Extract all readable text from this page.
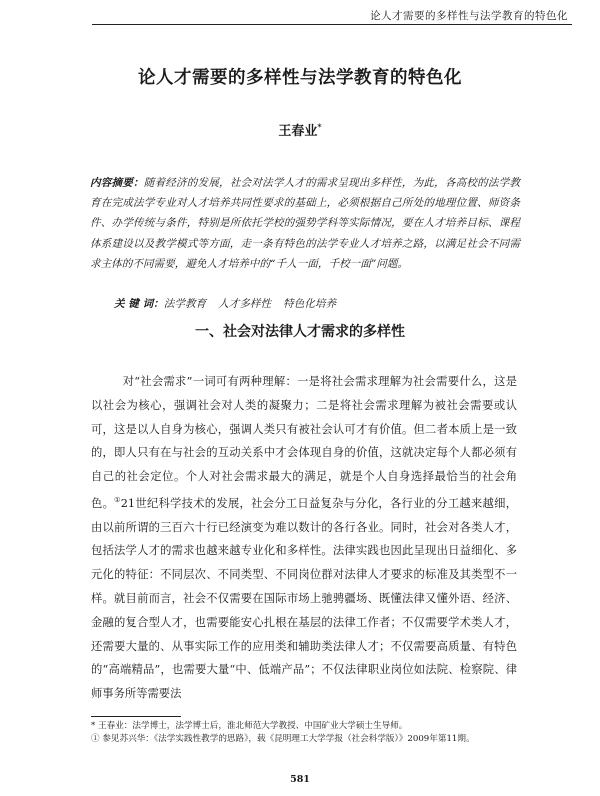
论人才需要的多样性与法学教育的特色化
论人才需要的多样性与法学教育的特色化
王春业*
内容摘要：随着经济的发展，社会对法学人才的需求呈现出多样性，为此，各高校的法学教育在完成法学专业对人才培养共同性要求的基础上，必须根据自己所处的地理位置、师资条件、办学传统与条件，特别是所依托学校的强势学科等实际情况，要在人才培养目标、课程体系建设以及教学模式等方面，走一条有特色的法学专业人才培养之路，以满足社会不同需求主体的不同需要，避免人才培养中的“千人一面，千校一面”问题。
关 键 词：法学教育 人才多样性 特色化培养
一、社会对法律人才需求的多样性

对“社会需求”一词可有两种理解：一是将社会需求理解为社会需要什么，这是以社会为核心，强调社会对人类的凝聚力；二是将社会需求理解为被社会需要或认可，这是以人自身为核心，强调人类只有被社会认可才有价值。但二者本质上是一致的，即人只有在与社会的互动关系中才会体现自身的价值，这就决定每个人都必须有自己的社会定位。个人对社会需求最大的满足，就是个人自身选择最恰当的社会角色。①21世纪科学技术的发展，社会分工日益复杂与分化，各行业的分工越来越细，由以前所谓的三百六十行已经演变为难以数计的各行各业。同时，社会对各类人才，包括法学人才的需求也越来越专业化和多样性。法律实践也因此呈现出日益细化、多元化的特征：不同层次、不同类型、不同岗位群对法律人才要求的标准及其类型不一样。就目前而言，社会不仅需要在国际市场上驰骋疆场、既懂法律又懂外语、经济、金融的复合型人才，也需要能安心扎根在基层的法律工作者；不仅需要学术类人才，还需要大量的、从事实际工作的应用类和辅助类法律人才；不仅需要高质量、有特色的“高端精品”，也需要大量“中、低端产品”；不仅法律职业岗位如法院、检察院、律师事务所等需要法

* 王春业：法学博士，法学博士后，淮北师范大学教授、中国矿业大学硕士生导师。
① 参见苏兴华：《法学实践性教学的思路》，载《昆明理工大学学报（社会科学版）》2009年第11期。
581
